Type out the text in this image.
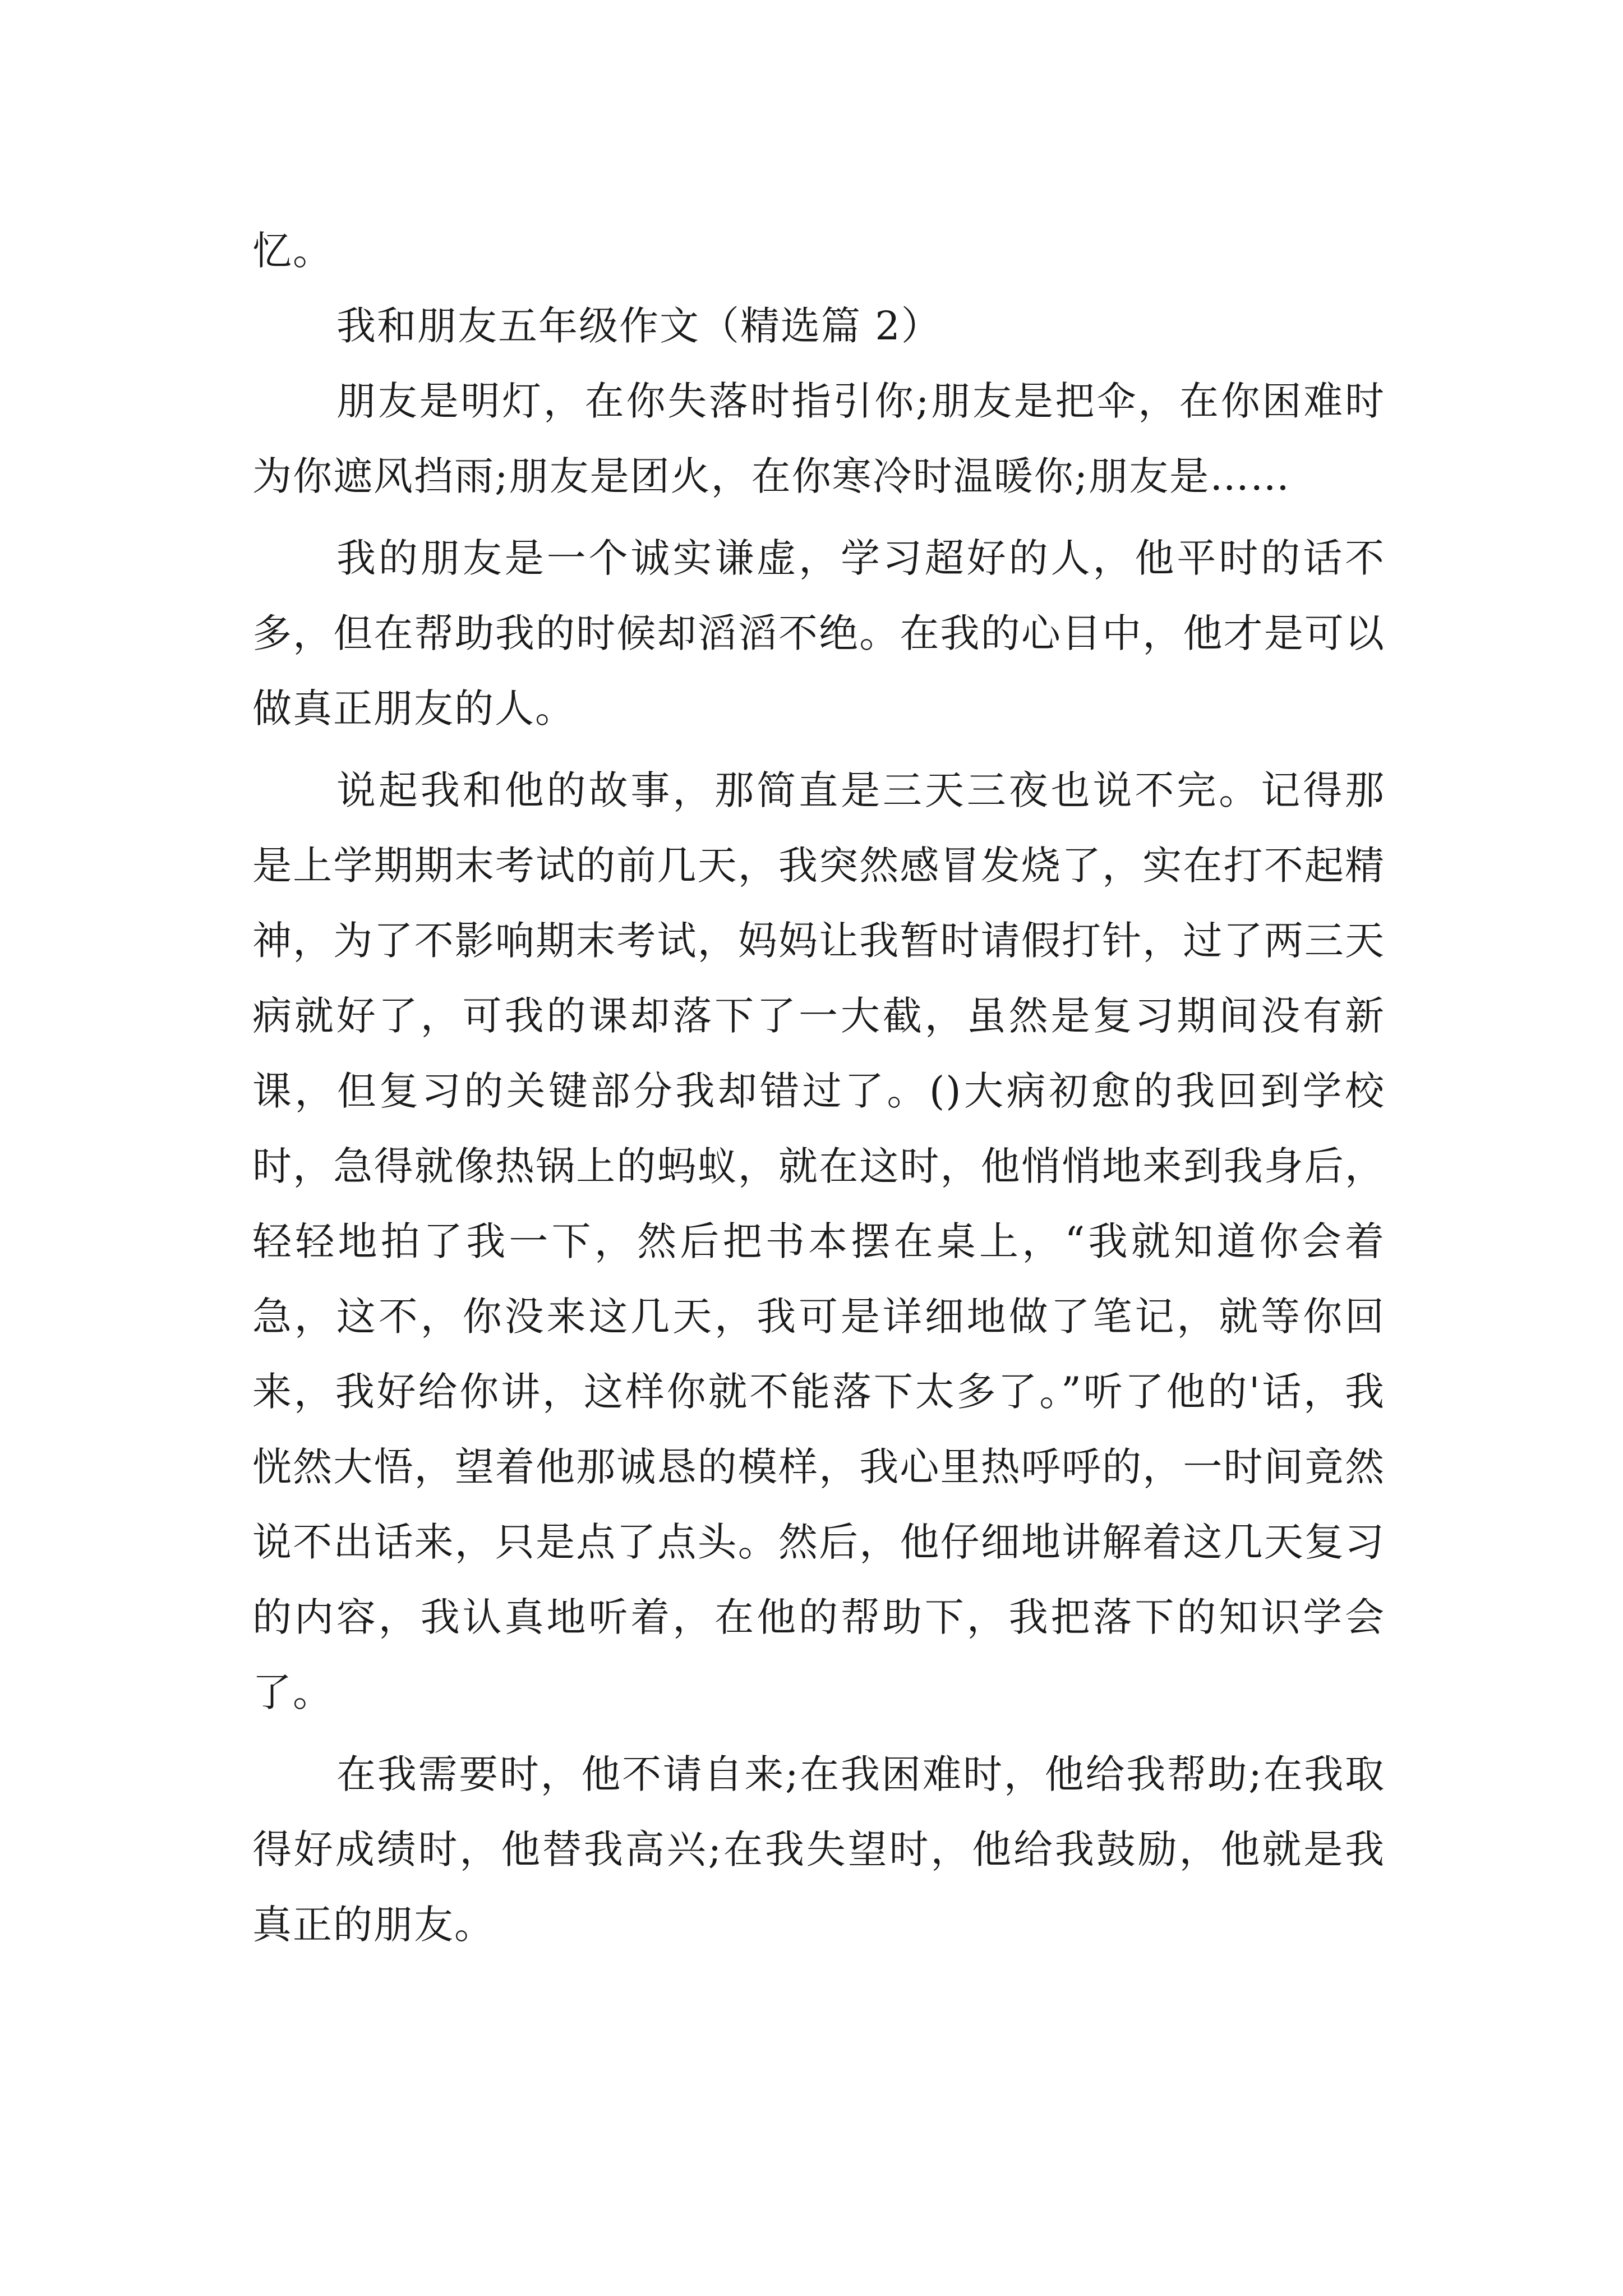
忆。

我和朋友五年级作文（精选篇 2）

朋友是明灯，在你失落时指引你;朋友是把伞，在你困难时为你遮风挡雨;朋友是团火，在你寒冷时温暖你;朋友是……

我的朋友是一个诚实谦虚，学习超好的人，他平时的话不多，但在帮助我的时候却滔滔不绝。在我的心目中，他才是可以做真正朋友的人。

说起我和他的故事，那简直是三天三夜也说不完。记得那是上学期期末考试的前几天，我突然感冒发烧了，实在打不起精神，为了不影响期末考试，妈妈让我暂时请假打针，过了两三天病就好了，可我的课却落下了一大截，虽然是复习期间没有新课，但复习的关键部分我却错过了。()大病初愈的我回到学校时，急得就像热锅上的蚂蚁，就在这时，他悄悄地来到我身后，轻轻地拍了我一下，然后把书本摆在桌上，“我就知道你会着急，这不，你没来这几天，我可是详细地做了笔记，就等你回来，我好给你讲，这样你就不能落下太多了。”听了他的'话，我恍然大悟，望着他那诚恳的模样，我心里热呼呼的，一时间竟然说不出话来，只是点了点头。然后，他仔细地讲解着这几天复习的内容，我认真地听着，在他的帮助下，我把落下的知识学会了。

在我需要时，他不请自来;在我困难时，他给我帮助;在我取得好成绩时，他替我高兴;在我失望时，他给我鼓励，他就是我真正的朋友。
